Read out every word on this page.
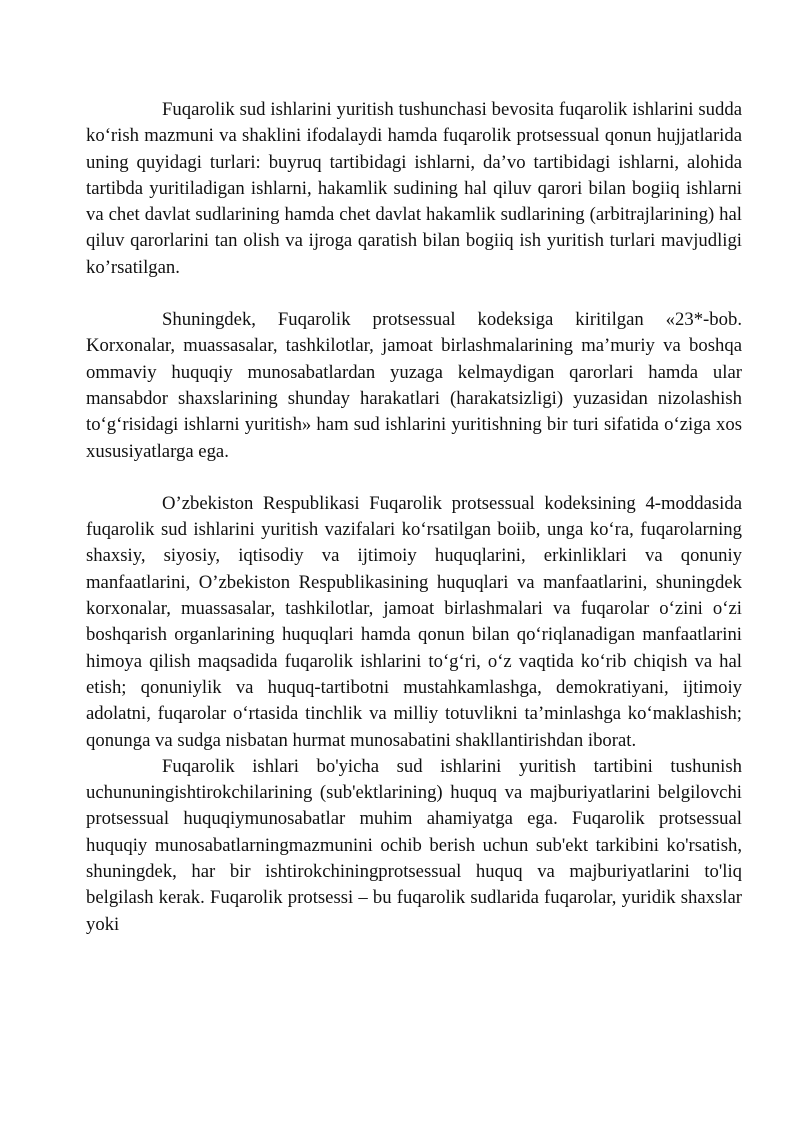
Fuqarolik sud ishlarini yuritish tushunchasi bevosita fuqarolik ishlarini sudda ko‘rish mazmuni va shaklini ifodalaydi hamda fuqarolik protsessual qonun hujjatlarida uning quyidagi turlari: buyruq tartibidagi ishlarni, da’vo tartibidagi ishlarni, alohida tartibda yuritiladigan ishlarni, hakamlik sudining hal qiluv qarori bilan bogiiq ishlarni va chet davlat sudlarining hamda chet davlat hakamlik sudlarining (arbitrajlarining) hal qiluv qarorlarini tan olish va ijroga qaratish bilan bogiiq ish yuritish turlari mavjudligi ko’rsatilgan.

Shuningdek, Fuqarolik protsessual kodeksiga kiritilgan «23*-bob. Korxonalar, muassasalar, tashkilotlar, jamoat birlashmalarining ma’muriy va boshqa ommaviy huquqiy munosabatlardan yuzaga kelmaydigan qarorlari hamda ular mansabdor shaxslarining shunday harakatlari (harakatsizligi) yuzasidan nizolashish to‘g‘risidagi ishlarni yuritish» ham sud ishlarini yuritishning bir turi sifatida o‘ziga xos xususiyatlarga ega.

O’zbekiston Respublikasi Fuqarolik protsessual kodeksining 4-moddasida fuqarolik sud ishlarini yuritish vazifalari ko‘rsatilgan boiib, unga ko‘ra, fuqarolarning shaxsiy, siyosiy, iqtisodiy va ijtimoiy huquqlarini, erkinliklari va qonuniy manfaatlarini, O’zbekiston Respublikasining huquqlari va manfaatlarini, shuningdek korxonalar, muassasalar, tashkilotlar, jamoat birlashmalari va fuqarolar o‘zini o‘zi boshqarish organlarining huquqlari hamda qonun bilan qo‘riqlanadigan manfaatlarini himoya qilish maqsadida fuqarolik ishlarini to‘g‘ri, o‘z vaqtida ko‘rib chiqish va hal etish; qonuniylik va huquq-tartibotni mustahkamlashga, demokratiyani, ijtimoiy adolatni, fuqarolar o‘rtasida tinchlik va milliy totuvlikni ta’minlashga ko‘maklashish; qonunga va sudga nisbatan hurmat munosabatini shakllantirishdan iborat.

Fuqarolik ishlari bo'yicha sud ishlarini yuritish tartibini tushunish uchununingishtirokchilarining (sub'ektlarining) huquq va majburiyatlarini belgilovchi protsessual huquqiymunosabatlar muhim ahamiyatga ega. Fuqarolik protsessual huquqiy munosabatlarningmazmunini ochib berish uchun sub'ekt tarkibini ko'rsatish, shuningdek, har bir ishtirokchiningprotsessual huquq va majburiyatlarini to'liq belgilash kerak. Fuqarolik protsessi – bu fuqarolik sudlarida fuqarolar, yuridik shaxslar yoki
